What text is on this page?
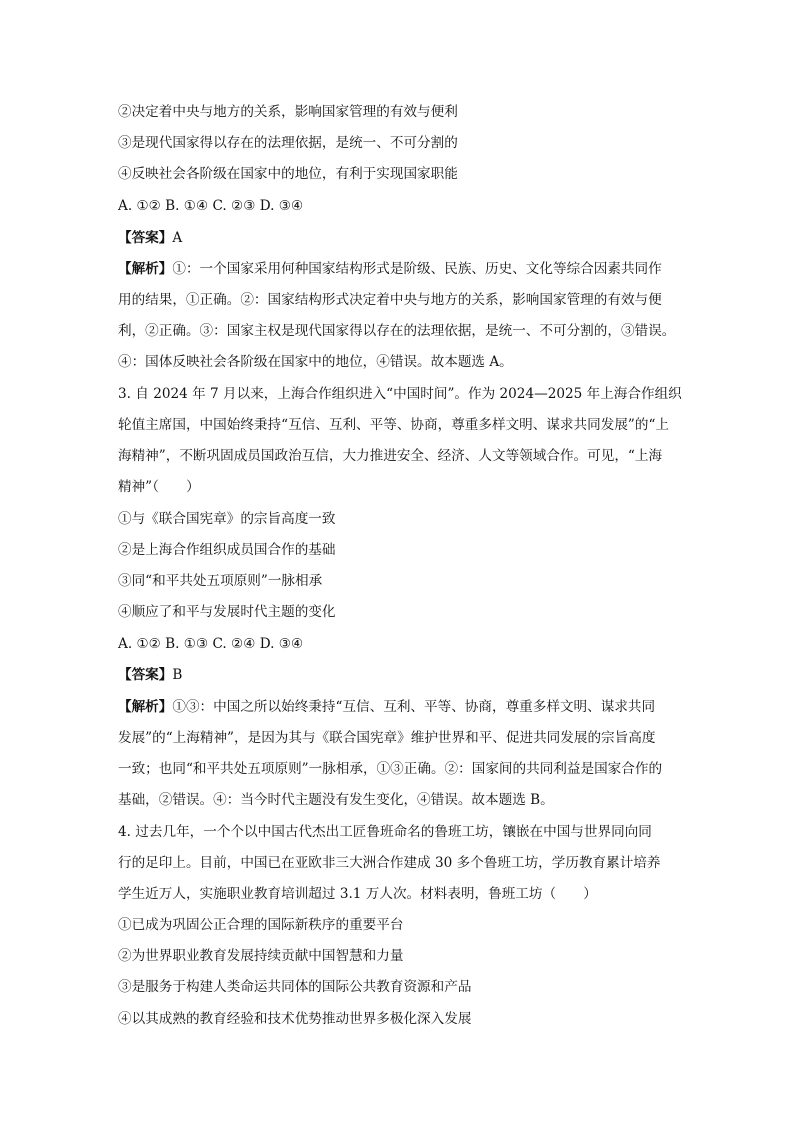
②决定着中央与地方的关系，影响国家管理的有效与便利
③是现代国家得以存在的法理依据，是统一、不可分割的
④反映社会各阶级在国家中的地位，有利于实现国家职能
A. ①② B. ①④ C. ②③ D. ③④
【答案】A
【解析】①：一个国家采用何种国家结构形式是阶级、民族、历史、文化等综合因素共同作
用的结果，①正确。②：国家结构形式决定着中央与地方的关系，影响国家管理的有效与便
利，②正确。③：国家主权是现代国家得以存在的法理依据，是统一、不可分割的，③错误。
④：国体反映社会各阶级在国家中的地位，④错误。故本题选 A。
3. 自 2024 年 7 月以来，上海合作组织进入“中国时间”。作为 2024—2025 年上海合作组织
轮值主席国，中国始终秉持“互信、互利、平等、协商，尊重多样文明、谋求共同发展”的“上
海精神”，不断巩固成员国政治互信，大力推进安全、经济、人文等领域合作。可见，“上海
精神”（　　）
①与《联合国宪章》的宗旨高度一致
②是上海合作组织成员国合作的基础
③同“和平共处五项原则”一脉相承
④顺应了和平与发展时代主题的变化
A. ①② B. ①③ C. ②④ D. ③④
【答案】B
【解析】①③：中国之所以始终秉持“互信、互利、平等、协商，尊重多样文明、谋求共同
发展”的“上海精神”，是因为其与《联合国宪章》维护世界和平、促进共同发展的宗旨高度
一致；也同“和平共处五项原则”一脉相承，①③正确。②：国家间的共同利益是国家合作的
基础，②错误。④：当今时代主题没有发生变化，④错误。故本题选 B。
4. 过去几年，一个个以中国古代杰出工匠鲁班命名的鲁班工坊，镶嵌在中国与世界同向同
行的足印上。目前，中国已在亚欧非三大洲合作建成 30 多个鲁班工坊，学历教育累计培养
学生近万人，实施职业教育培训超过 3.1 万人次。材料表明，鲁班工坊（　　）
①已成为巩固公正合理的国际新秩序的重要平台
②为世界职业教育发展持续贡献中国智慧和力量
③是服务于构建人类命运共同体的国际公共教育资源和产品
④以其成熟的教育经验和技术优势推动世界多极化深入发展
